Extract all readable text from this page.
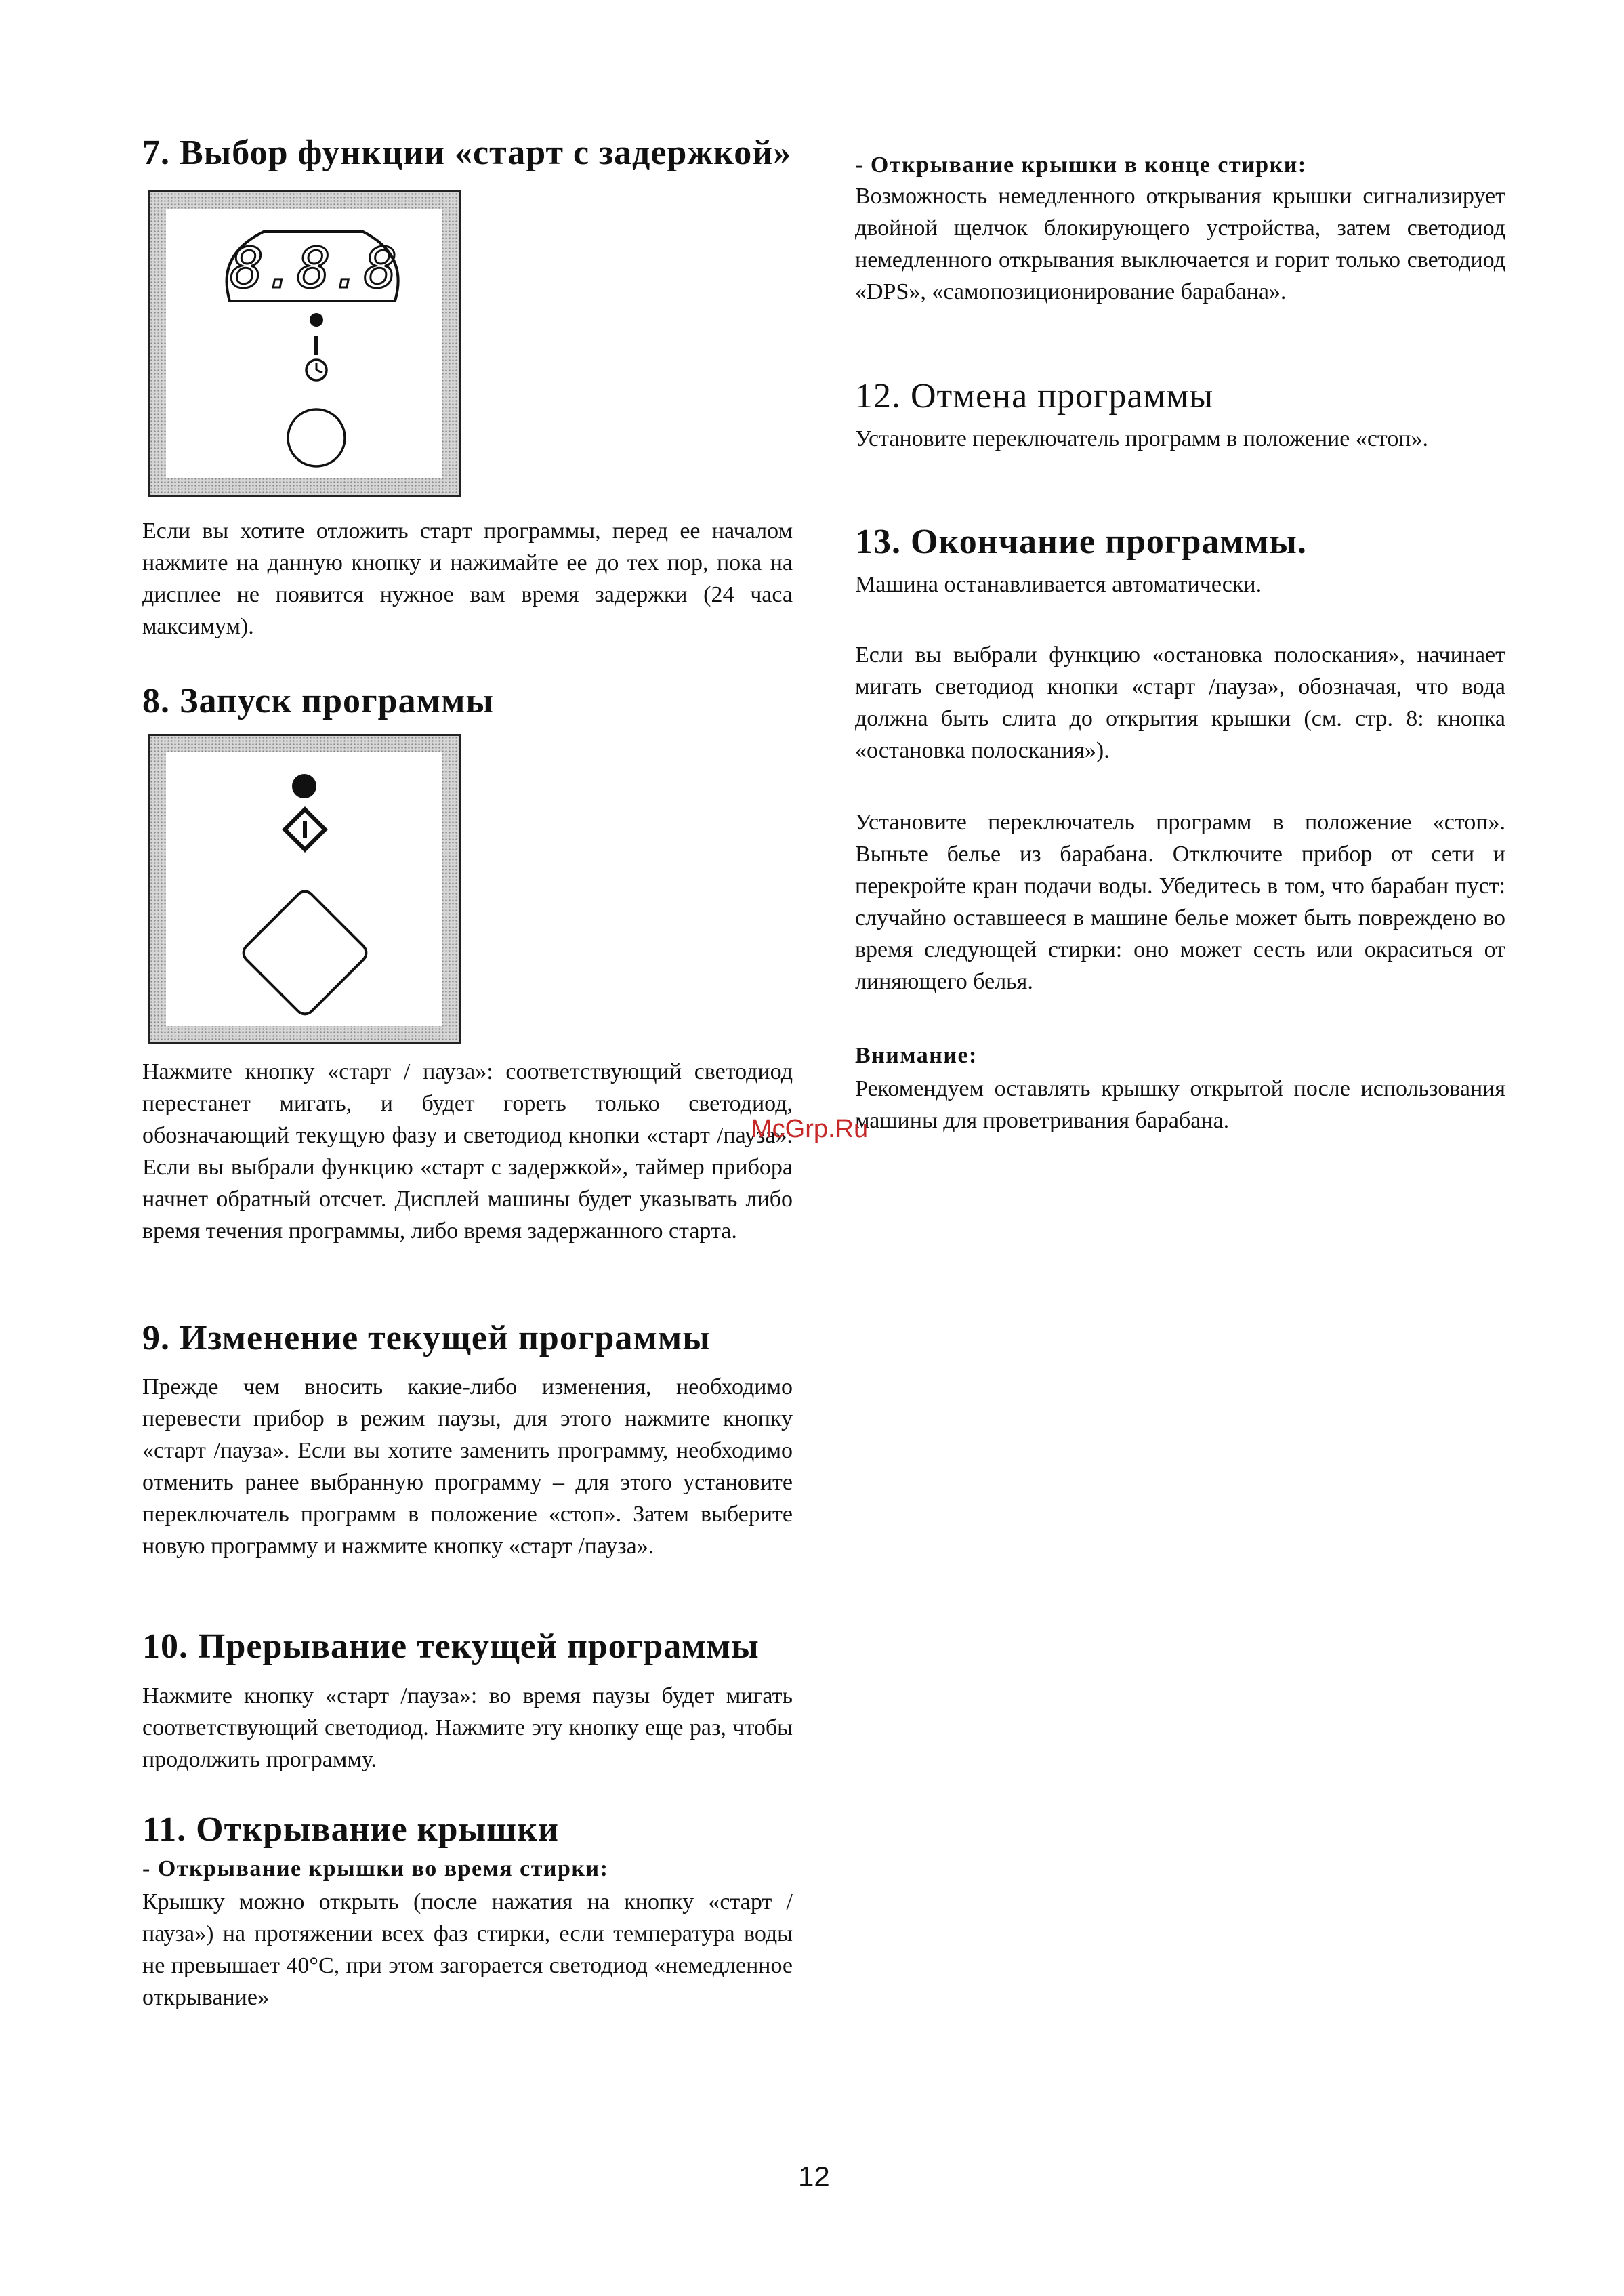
7. Выбор функции «старт с задержкой»
8.8.8

Если вы хотите отложить старт программы, перед ее началом нажмите на данную кнопку и нажимайте ее до тех пор, пока на дисплее не появится нужное вам время задержки (24 часа максимум).

8. Запуск программы

Нажмите кнопку «старт / пауза»: соответствующий светодиод перестанет мигать, и будет гореть только светодиод, обозначающий текущую фазу и светодиод кнопки «старт /пауза». Если вы выбрали функцию «старт с задержкой», таймер прибора начнет обратный отсчет. Дисплей машины будет указывать либо время течения программы, либо время задержанного старта.

9. Изменение текущей программы

Прежде чем вносить какие-либо изменения, необходимо перевести прибор в режим паузы, для этого нажмите кнопку «старт /пауза». Если вы хотите заменить программу, необходимо отменить ранее выбранную программу – для этого установите переключатель программ в положение «стоп». Затем выберите новую программу и нажмите кнопку «старт /пауза».

10. Прерывание текущей программы

Нажмите кнопку «старт /пауза»: во время паузы будет мигать соответствующий светодиод. Нажмите эту кнопку еще раз, чтобы продолжить программу.

11. Открывание крышки
- Открывание крышки во время стирки:

Крышку можно открыть (после нажатия на кнопку «старт /пауза») на протяжении всех фаз стирки, если температура воды не превышает 40°С, при этом загорается светодиод «немедленное открывание»

- Открывание крышки в конце стирки:

Возможность немедленного открывания крышки сигнализирует двойной щелчок блокирующего устройства, затем светодиод немедленного открывания выключается и горит только светодиод «DPS», «самопозиционирование барабана».

12. Отмена программы

Установите переключатель программ в положение «стоп».

13. Окончание программы.

Машина останавливается автоматически.

Если вы выбрали функцию «остановка полоскания», начинает мигать светодиод кнопки «старт /пауза», обозначая, что вода должна быть слита до открытия крышки (см. стр. 8: кнопка «остановка полоскания»).

Установите переключатель программ в положение «стоп». Выньте белье из барабана. Отключите прибор от сети и перекройте кран подачи воды. Убедитесь в том, что барабан пуст: случайно оставшееся в машине белье может быть повреждено во время следующей стирки: оно может сесть или окраситься от линяющего белья.

Внимание:

Рекомендуем оставлять крышку открытой после использования машины для проветривания барабана.

McGrp.Ru
12
